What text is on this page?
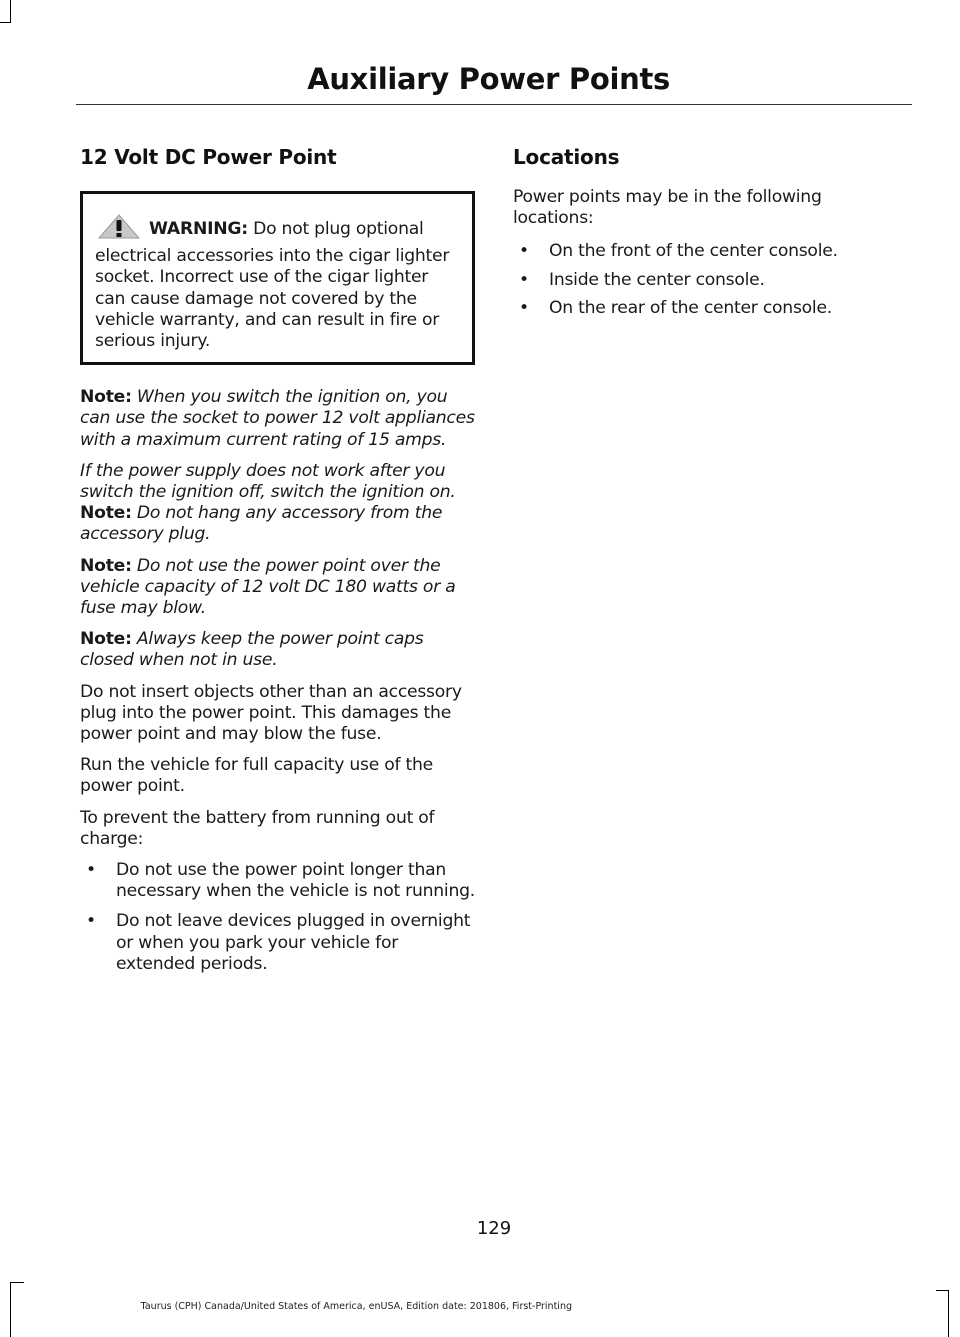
Auxiliary Power Points
12 Volt DC Power Point
WARNING: Do not plug optional electrical accessories into the cigar lighter socket. Incorrect use of the cigar lighter can cause damage not covered by the vehicle warranty, and can result in fire or serious injury.

Note: When you switch the ignition on, you can use the socket to power 12 volt appliances with a maximum current rating of 15 amps.

If the power supply does not work after you switch the ignition off, switch the ignition on.

Note: Do not hang any accessory from the accessory plug.

Note: Do not use the power point over the vehicle capacity of 12 volt DC 180 watts or a fuse may blow.

Note: Always keep the power point caps closed when not in use.

Do not insert objects other than an accessory plug into the power point. This damages the power point and may blow the fuse.

Run the vehicle for full capacity use of the power point.

To prevent the battery from running out of charge:

• Do not use the power point longer than necessary when the vehicle is not running.
• Do not leave devices plugged in overnight or when you park your vehicle for extended periods.
Locations

Power points may be in the following locations:

• On the front of the center console.
• Inside the center console.
• On the rear of the center console.
129
Taurus (CPH) Canada/United States of America, enUSA, Edition date: 201806, First-Printing
